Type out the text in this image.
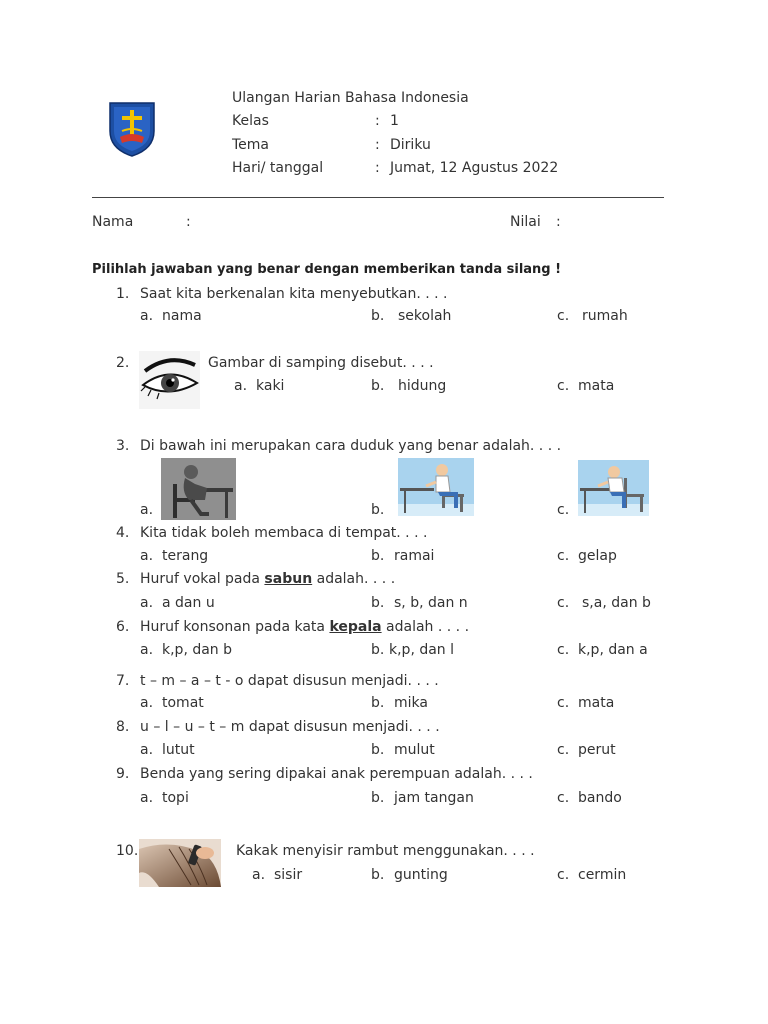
Ulangan Harian Bahasa Indonesia
Kelas	: 1
Tema	: Diriku
Hari/ tanggal	: Jumat, 12 Agustus 2022
Nama	:	Nilai :
Pilihlah jawaban yang benar dengan memberikan tanda silang !
1. Saat kita berkenalan kita menyebutkan. . . .
a. nama	b. sekolah	c. rumah
2.	Gambar di samping disebut. . . .
a. kaki	b. hidung	c. mata
3. Di bawah ini merupakan cara duduk yang benar adalah. . . .
a.	b.	c.
4. Kita tidak boleh membaca di tempat. . . .
a. terang	b. ramai	c. gelap
5. Huruf vokal pada sabun adalah. . . .
a. a dan u	b. s, b, dan n	c. s,a, dan b
6. Huruf konsonan pada kata kepala adalah . . . .
a. k,p, dan b	b. k,p, dan l	c. k,p, dan a
7. t – m – a – t - o dapat disusun menjadi. . . .
a. tomat	b. mika	c. mata
8. u – l – u – t – m dapat disusun menjadi. . . .
a. lutut	b. mulut	c. perut
9. Benda yang sering dipakai anak perempuan adalah. . . .
a. topi	b. jam tangan	c. bando
10.	Kakak menyisir rambut menggunakan. . . .
a. sisir	b. gunting	c. cermin
